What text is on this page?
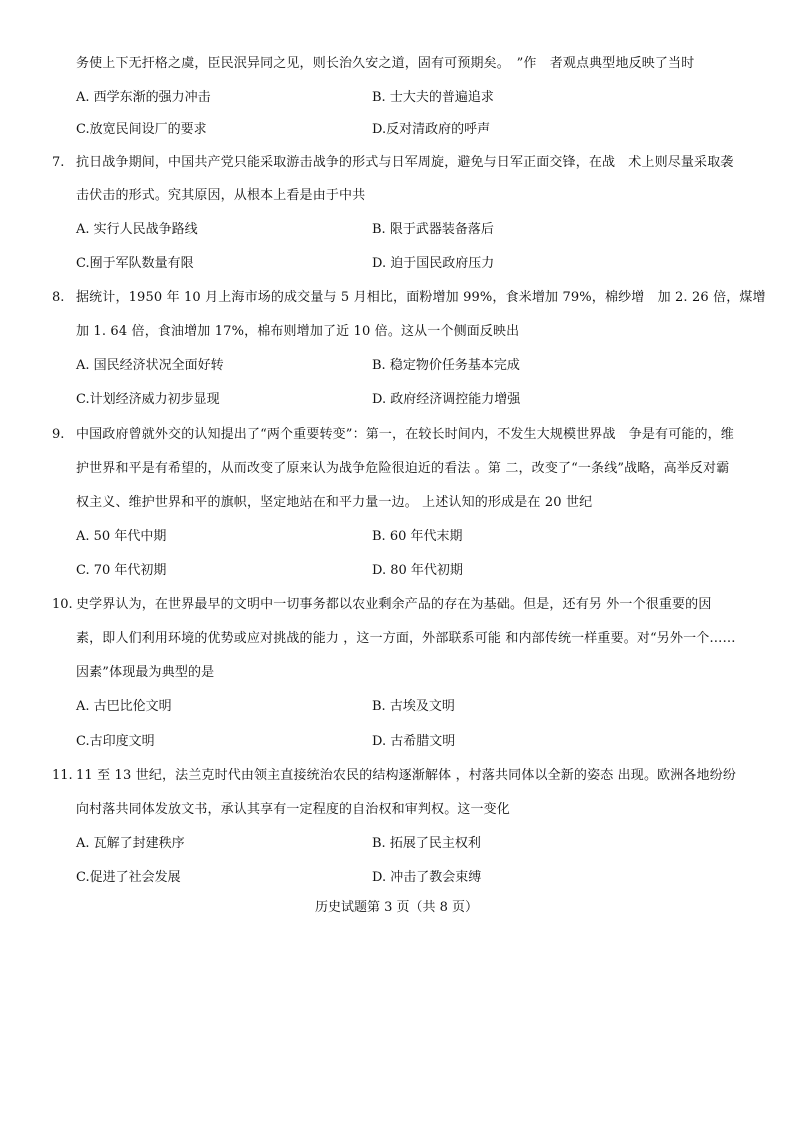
务使上下无扞格之虞，臣民泯异同之见，则长治久安之道，固有可预期矣。　”作　者观点典型地反映了当时
A. 西学东渐的强力冲击	B. 士大夫的普遍追求
C.放宽民间设厂的要求	D.反对清政府的呼声
7. 抗日战争期间，中国共产党只能采取游击战争的形式与日军周旋，避免与日军正面交锋，在战　术上则尽量采取袭
击伏击的形式。究其原因，从根本上看是由于中共
A. 实行人民战争路线	B. 限于武器装备落后
C.囿于军队数量有限	D. 迫于国民政府压力
8. 据统计，1950 年 10 月上海市场的成交量与 5 月相比，面粉增加 99%，食米增加 79%，棉纱增　加 2. 26 倍，煤增
加 1. 64 倍，食油增加 17%，棉布则增加了近 10 倍。这从一个侧面反映出
A. 国民经济状况全面好转	B. 稳定物价任务基本完成
C.计划经济威力初步显现	D. 政府经济调控能力增强
9. 中国政府曾就外交的认知提出了“两个重要转变”：第一，在较长时间内，不发生大规模世界战　争是有可能的，维
护世界和平是有希望的，从而改变了原来认为战争危险很迫近的看法 。第 二，改变了“一条线”战略，高举反对霸
权主义、维护世界和平的旗帜，坚定地站在和平力量一边。 上述认知的形成是在 20 世纪
A. 50 年代中期	B. 60 年代末期
C. 70 年代初期	D. 80 年代初期
10. 史学界认为，在世界最早的文明中一切事务都以农业剩余产品的存在为基础。但是，还有另 外一个很重要的因
素，即人们利用环境的优势或应对挑战的能力 ，这一方面，外部联系可能 和内部传统一样重要。对“另外一个……
因素”体现最为典型的是
A. 古巴比伦文明	B. 古埃及文明
C.古印度文明	D. 古希腊文明
11. 11 至 13 世纪，法兰克时代由领主直接统治农民的结构逐渐解体 ，村落共同体以全新的姿态 出现。欧洲各地纷纷
向村落共同体发放文书，承认其享有一定程度的自治权和审判权。这一变化
A. 瓦解了封建秩序	B. 拓展了民主权利
C.促进了社会发展	D. 冲击了教会束缚
历史试题第 3 页（共 8 页）
